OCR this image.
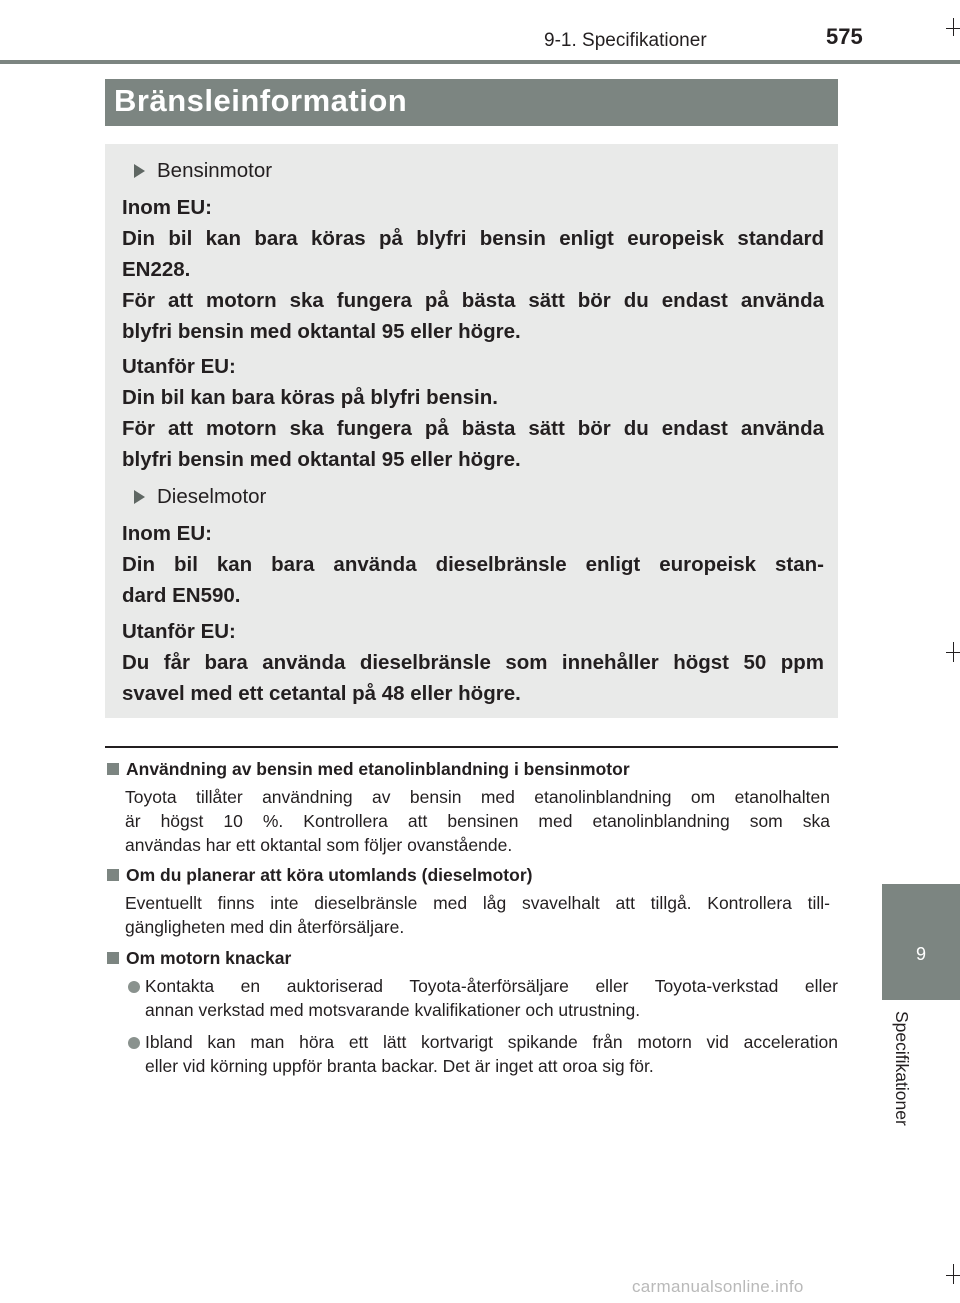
9-1. Specifikationer	575
Bränsleinformation
Bensinmotor
Inom EU:
Din bil kan bara köras på blyfri bensin enligt europeisk standard
EN228.
För att motorn ska fungera på bästa sätt bör du endast använda
blyfri bensin med oktantal 95 eller högre.
Utanför EU:
Din bil kan bara köras på blyfri bensin.
För att motorn ska fungera på bästa sätt bör du endast använda
blyfri bensin med oktantal 95 eller högre.
Dieselmotor
Inom EU:
Din bil kan bara använda dieselbränsle enligt europeisk stan-
dard EN590.
Utanför EU:
Du får bara använda dieselbränsle som innehåller högst 50 ppm
svavel med ett cetantal på 48 eller högre.
Användning av bensin med etanolinblandning i bensinmotor
Toyota tillåter användning av bensin med etanolinblandning om etanolhalten
är högst 10 %. Kontrollera att bensinen med etanolinblandning som ska
användas har ett oktantal som följer ovanstående.
Om du planerar att köra utomlands (dieselmotor)
Eventuellt finns inte dieselbränsle med låg svavelhalt att tillgå. Kontrollera till-
gängligheten med din återförsäljare.
Om motorn knackar
Kontakta en auktoriserad Toyota-återförsäljare eller Toyota-verkstad eller
annan verkstad med motsvarande kvalifikationer och utrustning.
Ibland kan man höra ett lätt kortvarigt spikande från motorn vid acceleration
eller vid körning uppför branta backar. Det är inget att oroa sig för.
9
Specifikationer
carmanualsonline.info
